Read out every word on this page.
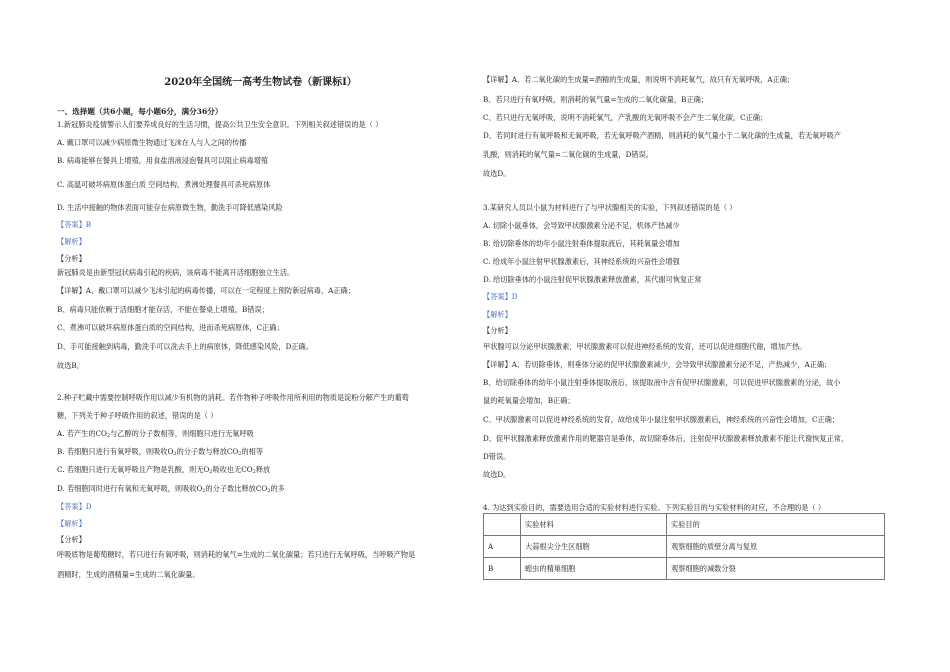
2020年全国统一高考生物试卷（新课标Ⅰ）
一、选择题（共6小题，每小题6分，满分36分）
1.新冠肺炎疫情警示人们要养成良好的生活习惯，提高公共卫生安全意识。下列相关叙述错误的是（ ）
A. 戴口罩可以减少病原微生物通过飞沫在人与人之间的传播
B. 病毒能够在餐具上增殖，用食盐溶液浸泡餐具可以阻止病毒增殖
C. 高温可破坏病原体蛋白质 空间结构，煮沸处理餐具可杀死病原体
D. 生活中接触的物体表面可能存在病原微生物，勤洗手可降低感染风险
【答案】B
【解析】
【分析】
新冠肺炎是由新型冠状病毒引起的疾病，该病毒不能离开活细胞独立生活。
【详解】A、戴口罩可以减少飞沫引起的病毒传播，可以在一定程度上预防新冠病毒，A正确；
B、病毒只能依赖于活细胞才能存活，不能在餐桌上增殖，B错误；
C、煮沸可以破坏病原体蛋白质的空间结构，进而杀死病原体，C正确；
D、手可能接触到病毒，勤洗手可以洗去手上的病原体，降低感染风险，D正确。
故选B。
2.种子贮藏中需要控制呼吸作用以减少有机物的消耗。若作物种子呼吸作用所利用的物质是淀粉分解产生的葡萄
糖，下列关于种子呼吸作用的叙述，错误的是（ ）
A. 若产生的$CO_2$与乙醇的分子数相等，则细胞只进行无氧呼吸
B. 若细胞只进行有氧呼吸，则吸收$O_2$的分子数与释放$CO_2$的相等
C. 若细胞只进行无氧呼吸且产物是乳酸，则无$O_2$吸收也无$CO_2$释放
D. 若细胞同时进行有氧和无氧呼吸，则吸收$O_2$的分子数比释放$CO_2$的多
【答案】D
【解析】
【分析】
呼吸底物是葡萄糖时，若只进行有氧呼吸，则消耗的氧气=生成的二氧化碳量；若只进行无氧呼吸，当呼吸产物是
酒精时，生成的酒精量=生成的二氧化碳量。
【详解】A、若二氧化碳的生成量=酒精的生成量，则说明不消耗氧气，故只有无氧呼吸，A正确；
B、若只进行有氧呼吸，则消耗的氧气量=生成的二氧化碳量，B正确；
C、若只进行无氧呼吸，说明不消耗氧气，产乳酸的无氧呼吸不会产生二氧化碳，C正确；
D、若同时进行有氧呼吸和无氧呼吸，若无氧呼吸产酒精，则消耗的氧气量小于二氧化碳的生成量，若无氧呼吸产
乳酸，则消耗的氧气量=二氧化碳的生成量，D错误。
故选D。
3.某研究人员以小鼠为材料进行了与甲状腺相关的实验，下列叙述错误的是（ ）
A. 切除小鼠垂体，会导致甲状腺激素分泌不足，机体产热减少
B. 给切除垂体的幼年小鼠注射垂体提取液后，其耗氧量会增加
C. 给成年小鼠注射甲状腺激素后，其神经系统的兴奋性会增强
D. 给切除垂体的小鼠注射促甲状腺激素释放激素，其代谢可恢复正常
【答案】D
【解析】
【分析】
甲状腺可以分泌甲状腺激素，甲状腺激素可以促进神经系统的发育，还可以促进细胞代谢，增加产热。
【详解】A、若切除垂体，则垂体分泌的促甲状腺激素减少，会导致甲状腺激素分泌不足，产热减少，A正确；
B、给切除垂体的幼年小鼠注射垂体提取液后，该提取液中含有促甲状腺激素，可以促进甲状腺激素的分泌，故小
鼠的耗氧量会增加，B正确；
C、甲状腺激素可以促进神经系统的发育，故给成年小鼠注射甲状腺激素后，神经系统的兴奋性会增加，C正确；
D、促甲状腺激素释放激素作用的靶器官是垂体，故切除垂体后，注射促甲状腺激素释放激素不能让代谢恢复正常，
D错误。
故选D。
4. 为达到实验目的，需要选用合适的实验材料进行实验。下列实验目的与实验材料的对应，不合理的是（ ）
	实验材料	实验目的
A	大蒜根尖分生区细胞	观察细胞的质壁分离与复原
B	蝗虫的精巢细胞	观察细胞的减数分裂
